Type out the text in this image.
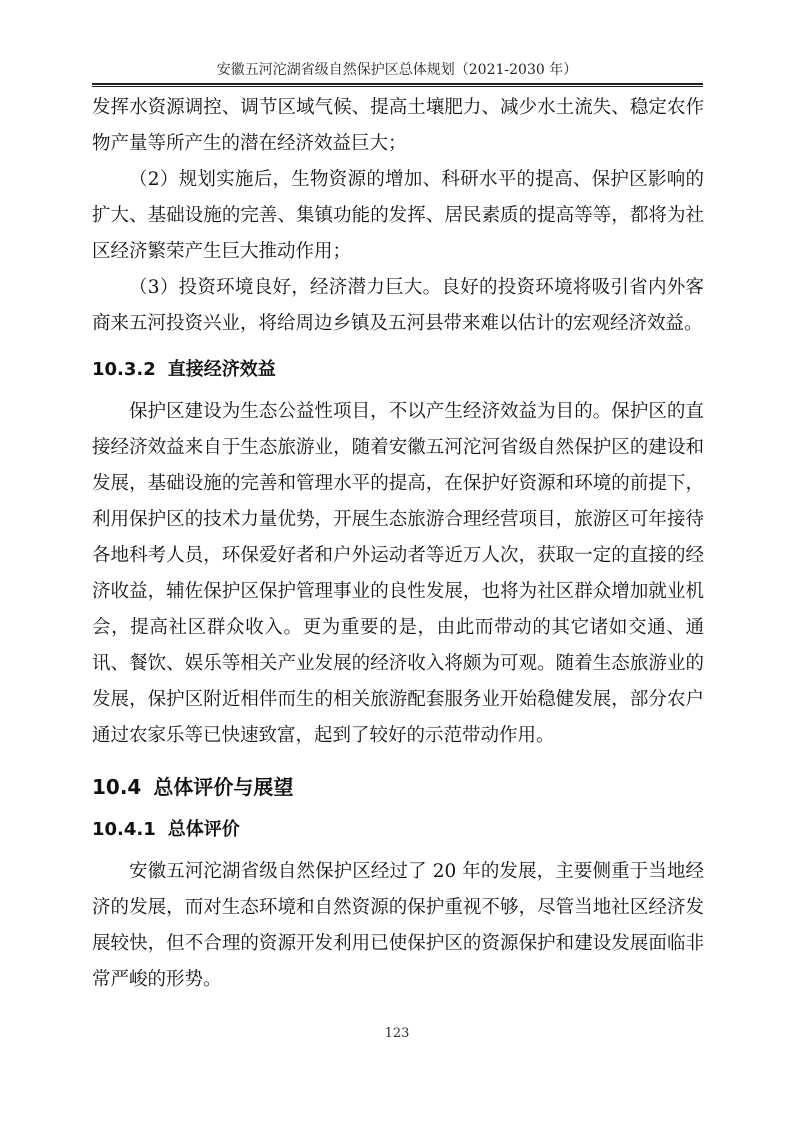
安徽五河沱湖省级自然保护区总体规划（2021-2030 年）

发挥水资源调控、调节区域气候、提高土壤肥力、减少水土流失、稳定农作物产量等所产生的潜在经济效益巨大；

（2）规划实施后，生物资源的增加、科研水平的提高、保护区影响的扩大、基础设施的完善、集镇功能的发挥、居民素质的提高等等，都将为社区经济繁荣产生巨大推动作用；

（3）投资环境良好，经济潜力巨大。良好的投资环境将吸引省内外客商来五河投资兴业，将给周边乡镇及五河县带来难以估计的宏观经济效益。

10.3.2 直接经济效益

保护区建设为生态公益性项目，不以产生经济效益为目的。保护区的直接经济效益来自于生态旅游业，随着安徽五河沱河省级自然保护区的建设和发展，基础设施的完善和管理水平的提高，在保护好资源和环境的前提下，利用保护区的技术力量优势，开展生态旅游合理经营项目，旅游区可年接待各地科考人员，环保爱好者和户外运动者等近万人次，获取一定的直接的经济收益，辅佐保护区保护管理事业的良性发展，也将为社区群众增加就业机会，提高社区群众收入。更为重要的是，由此而带动的其它诸如交通、通讯、餐饮、娱乐等相关产业发展的经济收入将颇为可观。随着生态旅游业的发展，保护区附近相伴而生的相关旅游配套服务业开始稳健发展，部分农户通过农家乐等已快速致富，起到了较好的示范带动作用。

10.4 总体评价与展望
10.4.1 总体评价

安徽五河沱湖省级自然保护区经过了 20 年的发展，主要侧重于当地经济的发展，而对生态环境和自然资源的保护重视不够，尽管当地社区经济发展较快，但不合理的资源开发利用已使保护区的资源保护和建设发展面临非常严峻的形势。

123
